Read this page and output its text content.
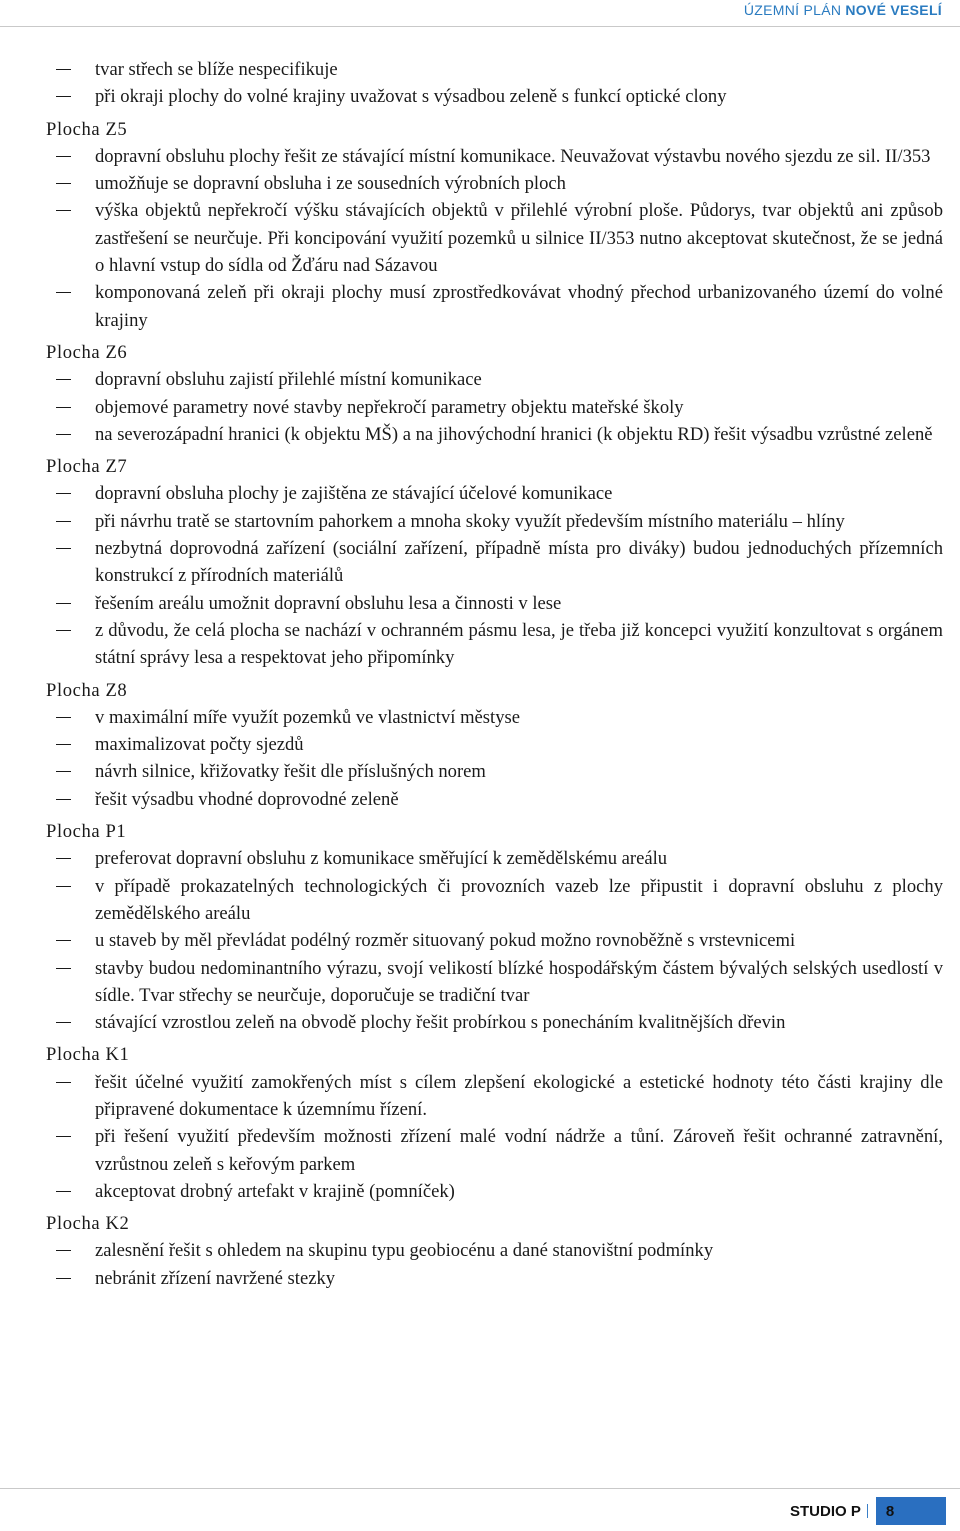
ÚZEMNÍ PLÁN NOVÉ VESELÍ
tvar střech se blíže nespecifikuje
při okraji plochy do volné krajiny uvažovat s výsadbou zeleně s funkcí optické clony
Plocha Z5
dopravní obsluhu plochy řešit ze stávající místní komunikace. Neuvažovat výstavbu nového sjezdu ze sil. II/353
umožňuje se dopravní obsluha i ze sousedních výrobních ploch
výška objektů nepřekročí výšku stávajících objektů v přilehlé výrobní ploše. Půdorys, tvar objektů ani způsob zastřešení se neurčuje. Při koncipování využití pozemků u silnice II/353 nutno akceptovat skutečnost, že se jedná o hlavní vstup do sídla od Žďáru nad Sázavou
komponovaná zeleň při okraji plochy musí zprostředkovávat vhodný přechod urbanizovaného území do volné krajiny
Plocha Z6
dopravní obsluhu zajistí přilehlé místní komunikace
objemové parametry nové stavby nepřekročí parametry objektu mateřské školy
na severozápadní hranici (k objektu MŠ) a na jihovýchodní hranici (k objektu RD) řešit výsadbu vzrůstné zeleně
Plocha Z7
dopravní obsluha plochy je zajištěna ze stávající účelové komunikace
při návrhu tratě se startovním pahorkem a mnoha skoky využít především místního materiálu – hlíny
nezbytná doprovodná zařízení (sociální zařízení, případně místa pro diváky) budou jednoduchých přízemních konstrukcí z přírodních materiálů
řešením areálu umožnit dopravní obsluhu lesa a činnosti v lese
z důvodu, že celá plocha se nachází v ochranném pásmu lesa, je třeba již koncepci využití konzultovat s orgánem státní správy lesa a respektovat jeho připomínky
Plocha Z8
v maximální míře využít pozemků ve vlastnictví městyse
maximalizovat počty sjezdů
návrh silnice, křižovatky řešit dle příslušných norem
řešit výsadbu vhodné doprovodné zeleně
Plocha P1
preferovat dopravní obsluhu z komunikace směřující k zemědělskému areálu
v případě prokazatelných technologických či provozních vazeb lze připustit i dopravní obsluhu z plochy zemědělského areálu
u staveb by měl převládat podélný rozměr situovaný pokud možno rovnoběžně s vrstevnicemi
stavby budou nedominantního výrazu, svojí velikostí blízké hospodářským částem bývalých selských usedlostí v sídle. Tvar střechy se neurčuje, doporučuje se tradiční tvar
stávající vzrostlou zeleň na obvodě plochy řešit probírkou s ponecháním kvalitnějších dřevin
Plocha K1
řešit účelné využití zamokřených míst s cílem zlepšení ekologické a estetické hodnoty této části krajiny dle připravené dokumentace k územnímu řízení.
při řešení využití především možnosti zřízení malé vodní nádrže a tůní. Zároveň řešit ochranné zatravnění, vzrůstnou zeleň s keřovým parkem
akceptovat drobný artefakt v krajině (pomníček)
Plocha K2
zalesnění řešit s ohledem na skupinu typu geobiocénu a dané stanovištní podmínky
nebránit zřízení navržené stezky
STUDIO P	8
